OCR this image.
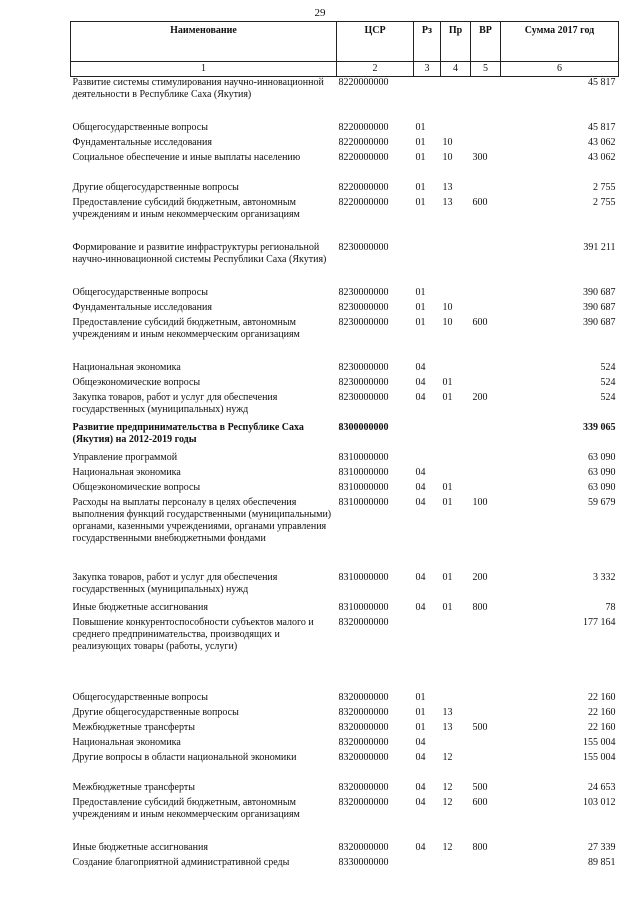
29
Наименование	ЦСР	Рз	Пр	ВР	Сумма 2017 год
1	2	3	4	5	6
Развитие системы стимулирования научно-инновационной деятельности в Республике Саха (Якутия)	8220000000				45 817
Общегосударственные вопросы	8220000000	01			45 817
Фундаментальные исследования	8220000000	01	10		43 062
Социальное обеспечение и иные выплаты населению	8220000000	01	10	300	43 062
Другие общегосударственные вопросы	8220000000	01	13		2 755
Предоставление субсидий бюджетным, автономным учреждениям и иным некоммерческим организациям	8220000000	01	13	600	2 755
Формирование и развитие инфраструктуры региональной научно-инновационной системы Республики Саха (Якутия)	8230000000				391 211
Общегосударственные вопросы	8230000000	01			390 687
Фундаментальные исследования	8230000000	01	10		390 687
Предоставление субсидий бюджетным, автономным учреждениям и иным некоммерческим организациям	8230000000	01	10	600	390 687
Национальная экономика	8230000000	04			524
Общеэкономические вопросы	8230000000	04	01		524
Закупка товаров, работ и услуг для обеспечения государственных (муниципальных) нужд	8230000000	04	01	200	524
Развитие предпринимательства в Республике Саха (Якутия) на 2012-2019 годы	8300000000				339 065
Управление программой	8310000000				63 090
Национальная экономика	8310000000	04			63 090
Общеэкономические вопросы	8310000000	04	01		63 090
Расходы на выплаты персоналу в целях обеспечения выполнения функций государственными (муниципальными) органами, казенными учреждениями, органами управления государственными внебюджетными фондами	8310000000	04	01	100	59 679
Закупка товаров, работ и услуг для обеспечения государственных (муниципальных) нужд	8310000000	04	01	200	3 332
Иные бюджетные ассигнования	8310000000	04	01	800	78
Повышение конкурентоспособности субъектов малого и среднего предпринимательства, производящих и реализующих товары (работы, услуги)	8320000000				177 164
Общегосударственные вопросы	8320000000	01			22 160
Другие общегосударственные вопросы	8320000000	01	13		22 160
Межбюджетные трансферты	8320000000	01	13	500	22 160
Национальная экономика	8320000000	04			155 004
Другие вопросы в области национальной экономики	8320000000	04	12		155 004
Межбюджетные трансферты	8320000000	04	12	500	24 653
Предоставление субсидий бюджетным, автономным учреждениям и иным некоммерческим организациям	8320000000	04	12	600	103 012
Иные бюджетные ассигнования	8320000000	04	12	800	27 339
Создание благоприятной административной среды	8330000000				89 851
